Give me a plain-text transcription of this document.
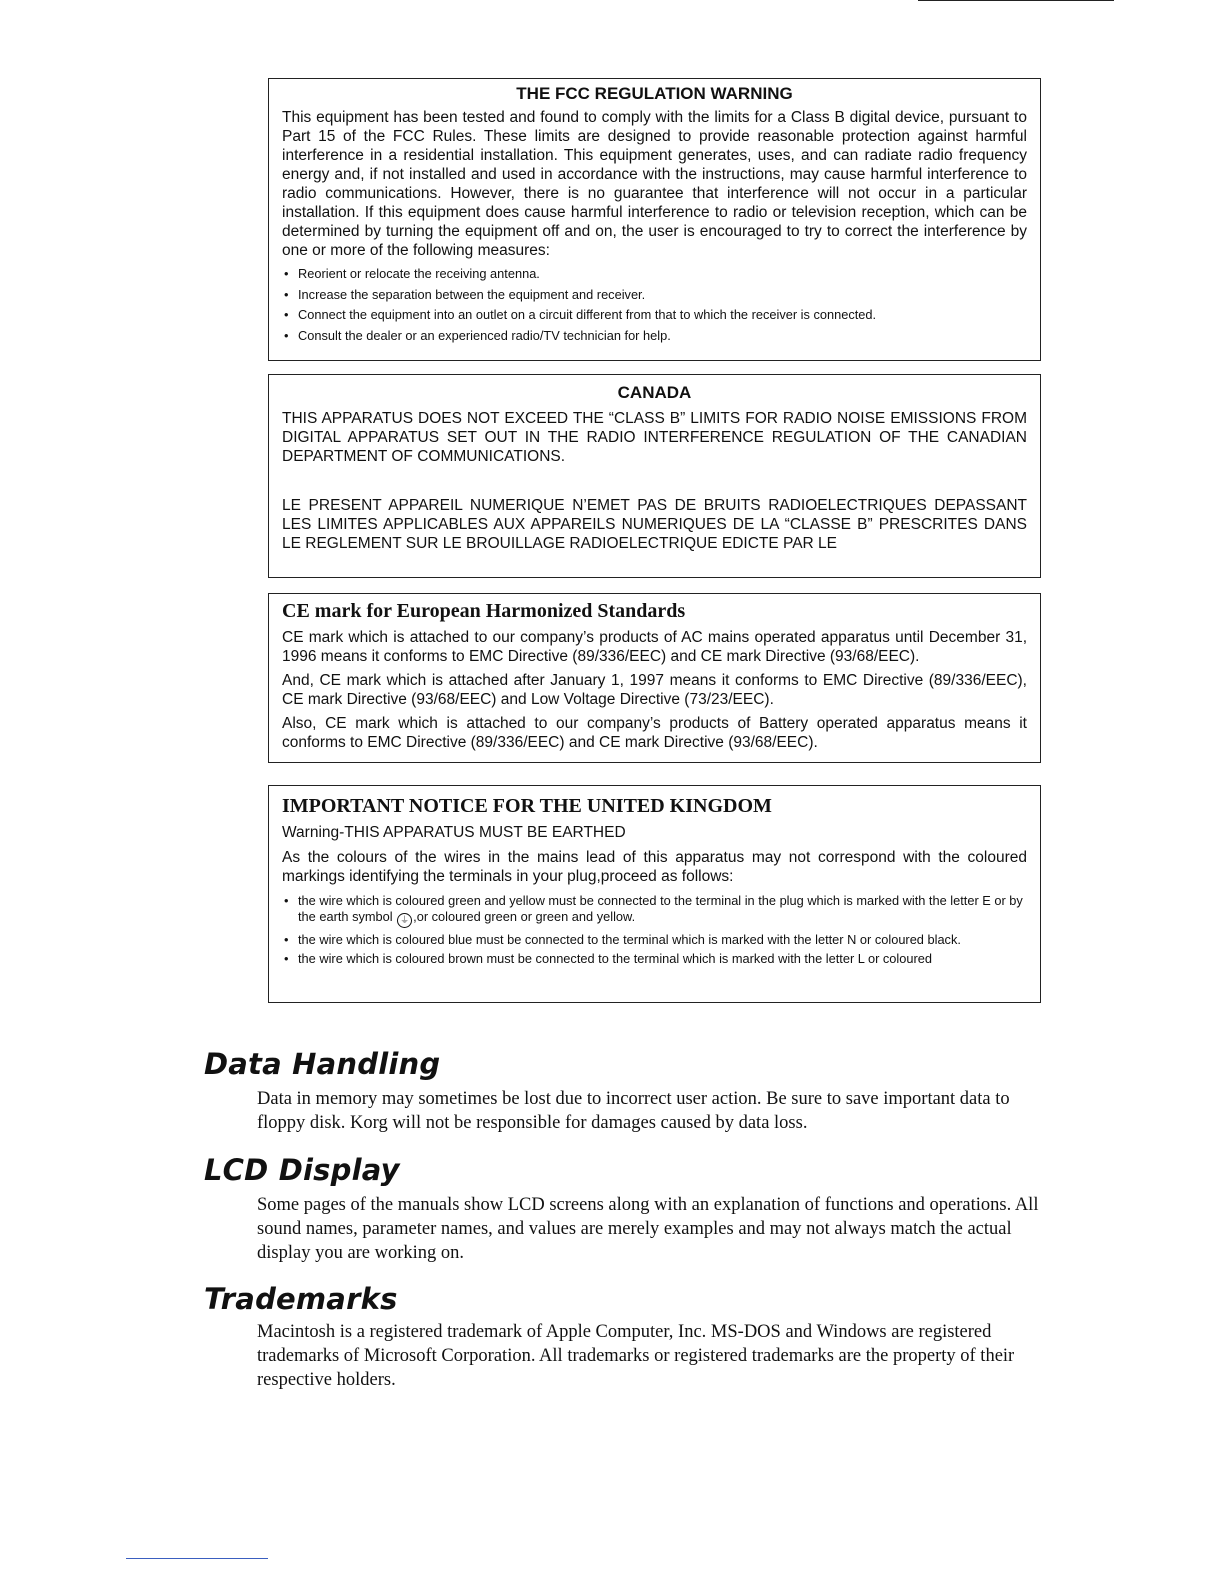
THE FCC REGULATION WARNING

This equipment has been tested and found to comply with the limits for a Class B digital device, pursuant to Part 15 of the FCC Rules. These limits are designed to provide reasonable protection against harmful interference in a residential installation. This equipment generates, uses, and can radiate radio frequency energy and, if not installed and used in accordance with the instructions, may cause harmful interference to radio communications. However, there is no guarantee that interference will not occur in a particular installation. If this equipment does cause harmful interference to radio or television reception, which can be determined by turning the equipment off and on, the user is encouraged to try to correct the interference by one or more of the following measures:

• Reorient or relocate the receiving antenna.
• Increase the separation between the equipment and receiver.
• Connect the equipment into an outlet on a circuit different from that to which the receiver is connected.
• Consult the dealer or an experienced radio/TV technician for help.
CANADA

THIS APPARATUS DOES NOT EXCEED THE “CLASS B” LIMITS FOR RADIO NOISE EMISSIONS FROM DIGITAL APPARATUS SET OUT IN THE RADIO INTERFERENCE REGULATION OF THE CANADIAN DEPARTMENT OF COMMUNICATIONS.

LE PRESENT APPAREIL NUMERIQUE N’EMET PAS DE BRUITS RADIOELECTRIQUES DEPASSANT LES LIMITES APPLICABLES AUX APPAREILS NUMERIQUES DE LA “CLASSE B” PRESCRITES DANS LE REGLEMENT SUR LE BROUILLAGE RADIOELECTRIQUE EDICTE PAR LE

CE mark for European Harmonized Standards

CE mark which is attached to our company’s products of AC mains operated apparatus until December 31, 1996 means it conforms to EMC Directive (89/336/EEC) and CE mark Directive (93/68/EEC).

And, CE mark which is attached after January 1, 1997 means it conforms to EMC Directive (89/336/EEC), CE mark Directive (93/68/EEC) and Low Voltage Directive (73/23/EEC).

Also, CE mark which is attached to our company’s products of Battery operated apparatus means it conforms to EMC Directive (89/336/EEC) and CE mark Directive (93/68/EEC).

IMPORTANT NOTICE FOR THE UNITED KINGDOM

Warning-THIS APPARATUS MUST BE EARTHED

As the colours of the wires in the mains lead of this apparatus may not correspond with the coloured markings identifying the terminals in your plug,proceed as follows:

• the wire which is coloured green and yellow must be connected to the terminal in the plug which is marked with the letter E or by the earth symbol ⏚ ,or coloured green or green and yellow.
• the wire which is coloured blue must be connected to the terminal which is marked with the letter N or coloured black.
• the wire which is coloured brown must be connected to the terminal which is marked with the letter L or coloured
Data Handling

Data in memory may sometimes be lost due to incorrect user action. Be sure to save important data to floppy disk. Korg will not be responsible for damages caused by data loss.

LCD Display

Some pages of the manuals show LCD screens along with an explanation of functions and operations. All sound names, parameter names, and values are merely examples and may not always match the actual display you are working on.

Trademarks

Macintosh is a registered trademark of Apple Computer, Inc. MS-DOS and Windows are registered trademarks of Microsoft Corporation. All trademarks or registered trademarks are the property of their respective holders.
